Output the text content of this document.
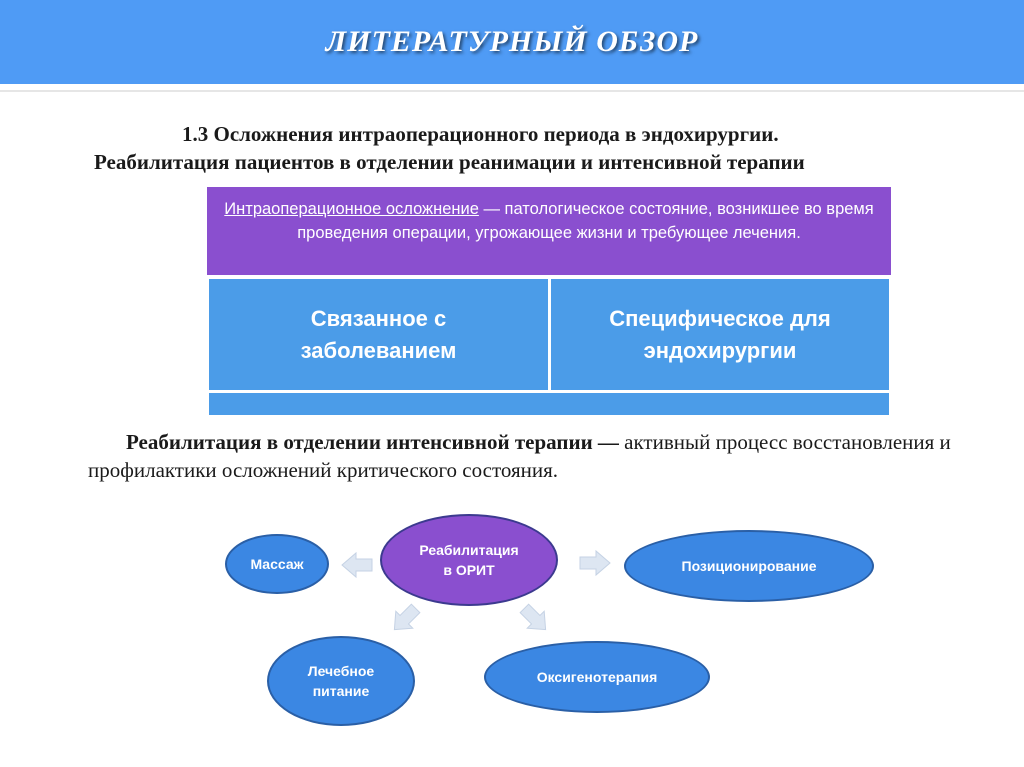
ЛИТЕРАТУРНЫЙ ОБЗОР
1.3 Осложнения интраоперационного периода в эндохирургии.
Реабилитация пациентов в отделении реанимации и интенсивной терапии
Интраоперационное осложнение — патологическое состояние, возникшее во время проведения операции, угрожающее жизни и требующее лечения.
Связанное с заболеванием
Специфическое для эндохирургии
Реабилитация в отделении интенсивной терапии — активный процесс восстановления и профилактики осложнений критического состояния.
Реабилитация в ОРИТ
Массаж	Позиционирование
Лечебное питание
Оксигенотерапия
